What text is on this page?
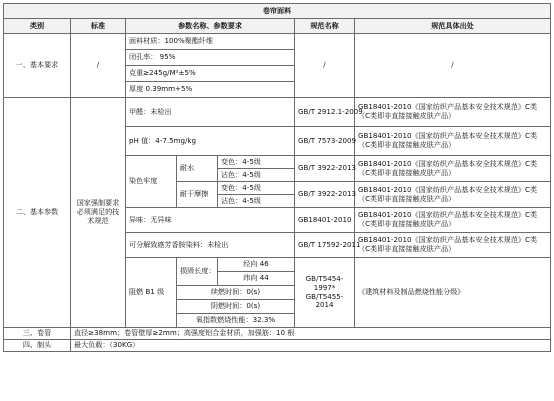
卷帘面料						
类别	标准	参数名称、参数要求			规范名称	规范具体出处
一、基本要求	/	面料材质：100%聚酯纤维			/	/
		闭孔率： 95%				
		克重≥245g/M²±5%				
		厚度 0.39mm+5%				
二、基本参数	国家强制要求必须满足的技术规范	甲醛：未检出			GB/T 2912.1-2009	GB18401-2010《国家纺织产品基本安全技术规范》C类（C类即非直接接触皮肤产品）
		pH 值：4-7.5mg/kg			GB/T 7573-2009	GB18401-2010《国家纺织产品基本安全技术规范》C类（C类即非直接接触皮肤产品）
		染色牢度	耐水	变色：4-5级	GB/T 3922-2013	GB18401-2010《国家纺织产品基本安全技术规范》C类（C类即非直接接触皮肤产品）
				沾色：4-5级		
			耐干摩擦	变色：4-5级	GB/T 3922-2013	GB18401-2010《国家纺织产品基本安全技术规范》C类（C类即非直接接触皮肤产品）
				沾色：4-5级		
		异味：无异味			GB18401-2010	GB18401-2010《国家纺织产品基本安全技术规范》C类（C类即非直接接触皮肤产品）
		可分解致癌芳香胺染料：未检出			GB/T 17592-2011	GB18401-2010《国家纺织产品基本安全技术规范》C类（C类即非直接接触皮肤产品）
		阻燃 B1 级	损毁长度：	经向 46	GB/T5454-1997*
GB/T5455-2014	《建筑材料及制品燃烧性能分级》

				纬向 44		
			续燃时间：0(s)			
			阴燃时间：0(s)			
			氧指数燃烧性能：32.3%			
三、卷管	直径≥38mm；卷管壁厚≥2mm；高强度铝合金材质，加强筋：10 根					
四、制头	最大负载：（30KG）					
